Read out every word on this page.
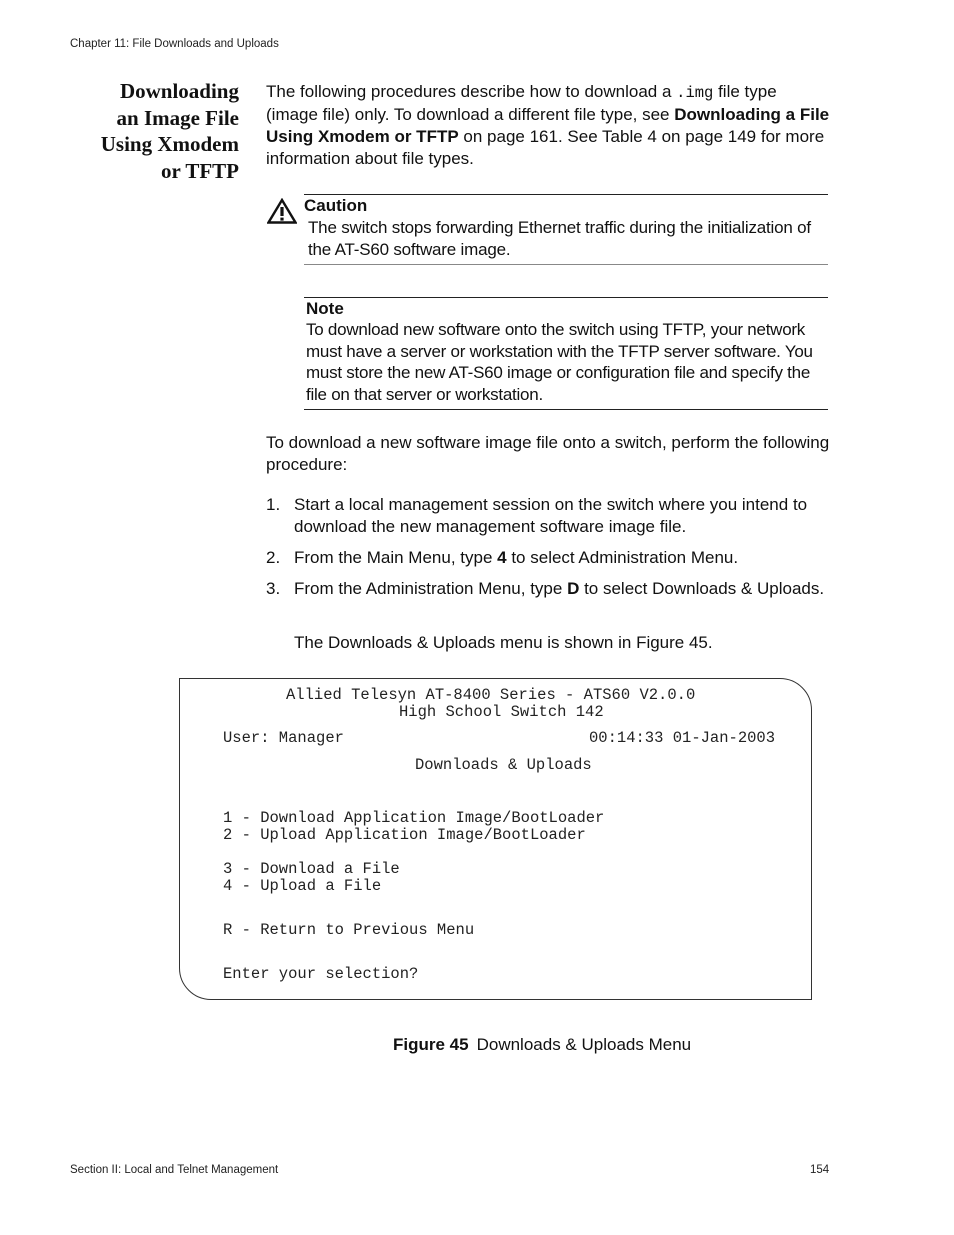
Chapter 11: File Downloads and Uploads
Downloading
an Image File
Using Xmodem
or TFTP

The following procedures describe how to download a .img file type (image file) only. To download a different file type, see Downloading a File Using Xmodem or TFTP on page 161. See Table 4 on page 149 for more information about file types.

Caution
The switch stops forwarding Ethernet traffic during the initialization of the AT-S60 software image.
Note
To download new software onto the switch using TFTP, your network must have a server or workstation with the TFTP server software. You must store the new AT-S60 image or configuration file and specify the file on that server or workstation.

To download a new software image file onto a switch, perform the following procedure:

1. Start a local management session on the switch where you intend to download the new management software image file.
2. From the Main Menu, type 4 to select Administration Menu.
3. From the Administration Menu, type D to select Downloads & Uploads.
The Downloads & Uploads menu is shown in Figure 45.
Allied Telesyn AT-8400 Series - ATS60 V2.0.0
High School Switch 142
User: Manager	00:14:33 01-Jan-2003
Downloads & Uploads
1 - Download Application Image/BootLoader
2 - Upload Application Image/BootLoader
3 - Download a File
4 - Upload a File
R - Return to Previous Menu
Enter your selection?
Figure 45 Downloads & Uploads Menu
Section II: Local and Telnet Management	154
